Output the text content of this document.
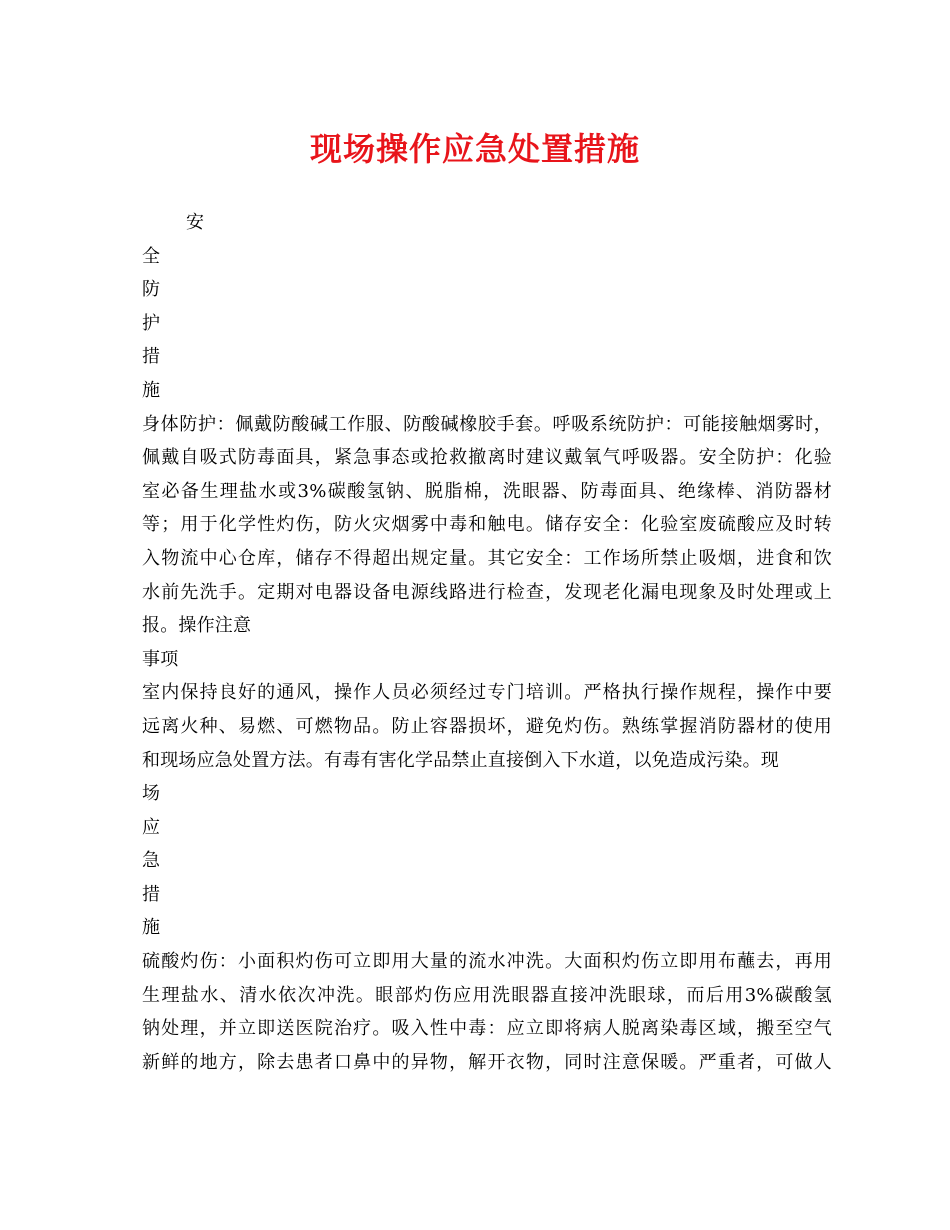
现场操作应急处置措施
安
全
防
护
措
施
身体防护：佩戴防酸碱工作服、防酸碱橡胶手套。呼吸系统防护：可能接触烟雾时，
佩戴自吸式防毒面具，紧急事态或抢救撤离时建议戴氧气呼吸器。安全防护：化验
室必备生理盐水或3%碳酸氢钠、脱脂棉，洗眼器、防毒面具、绝缘棒、消防器材
等；用于化学性灼伤，防火灾烟雾中毒和触电。储存安全：化验室废硫酸应及时转
入物流中心仓库，储存不得超出规定量。其它安全：工作场所禁止吸烟，进食和饮
水前先洗手。定期对电器设备电源线路进行检查，发现老化漏电现象及时处理或上
报。操作注意
事项
室内保持良好的通风，操作人员必须经过专门培训。严格执行操作规程，操作中要
远离火种、易燃、可燃物品。防止容器损坏，避免灼伤。熟练掌握消防器材的使用
和现场应急处置方法。有毒有害化学品禁止直接倒入下水道，以免造成污染。现
场
应
急
措
施
硫酸灼伤：小面积灼伤可立即用大量的流水冲洗。大面积灼伤立即用布蘸去，再用
生理盐水、清水依次冲洗。眼部灼伤应用洗眼器直接冲洗眼球，而后用3%碳酸氢
钠处理，并立即送医院治疗。吸入性中毒：应立即将病人脱离染毒区域，搬至空气
新鲜的地方，除去患者口鼻中的异物，解开衣物，同时注意保暖。严重者，可做人
